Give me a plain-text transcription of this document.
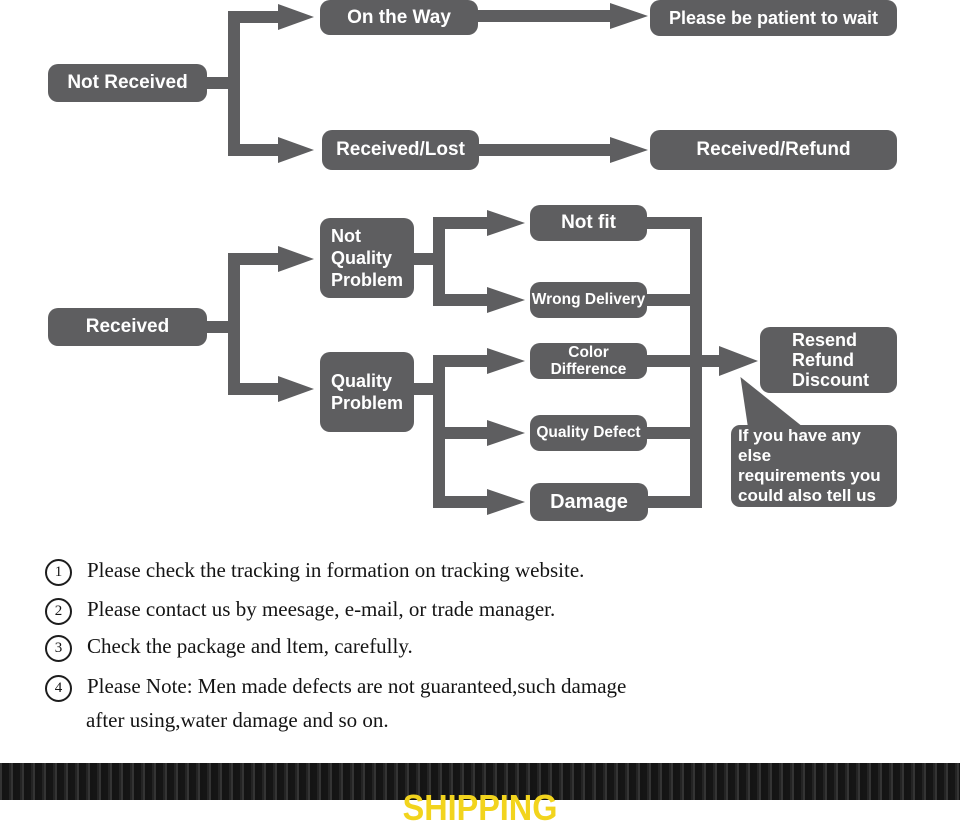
Not Received
On the Way	Please be patient to wait
Received/Lost	Received/Refund
Received
Not
Quality
Problem
Quality
Problem
Not fit
Wrong Delivery
Color Difference
Quality Defect
Damage
Resend
Refund
Discount
If you have any else
requirements you
could also tell us
1	Please check the tracking in formation on tracking website.
2	Please contact us by meesage, e-mail, or trade manager.
3	Check the package and ltem, carefully.
4	Please Note: Men made defects are not guaranteed,such damage
after using,water damage and so on.
SHIPPING
